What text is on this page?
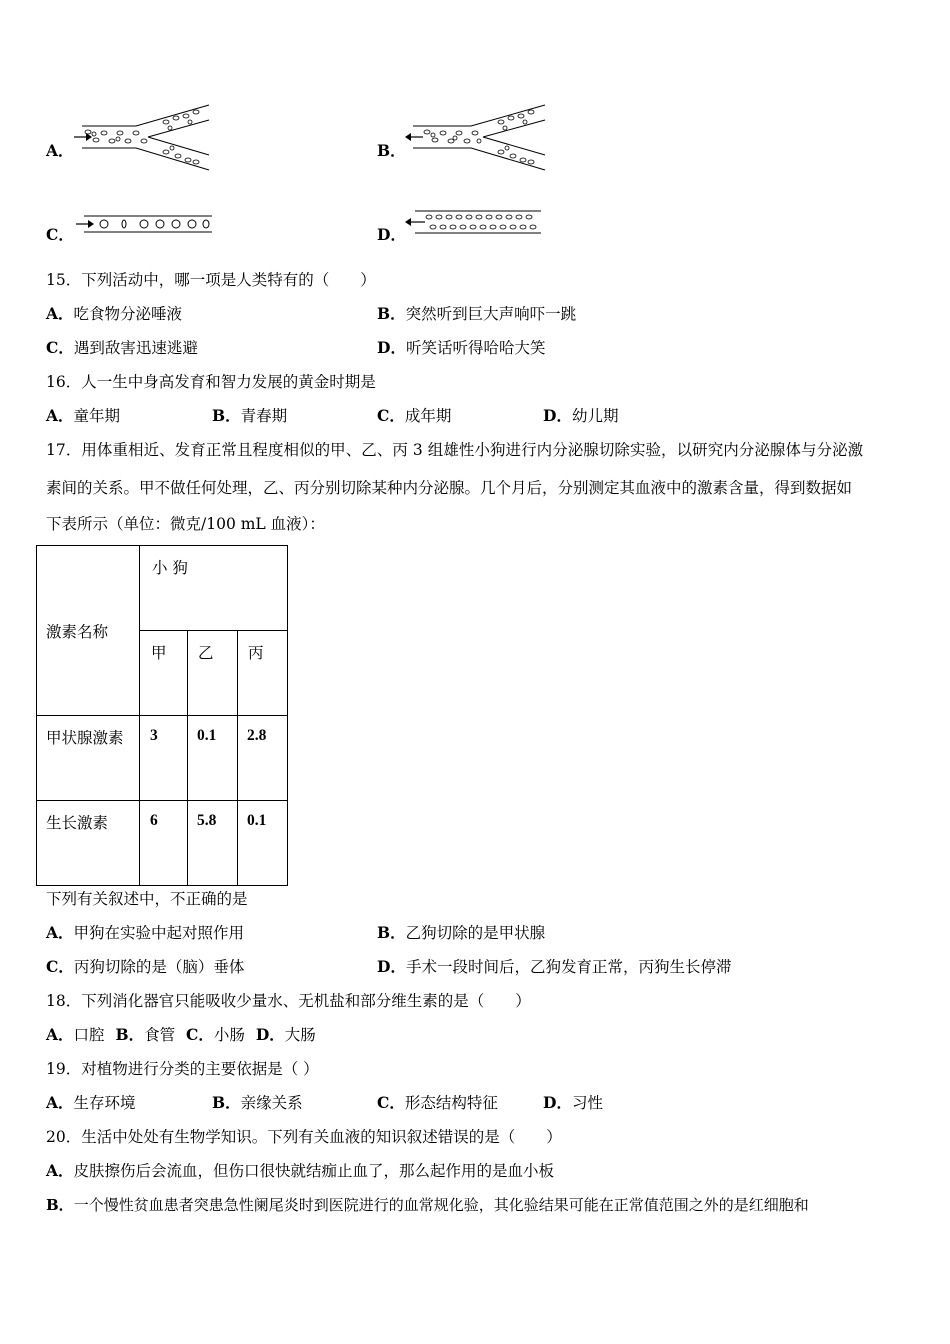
A．	B．
C．	D．
15．下列活动中，哪一项是人类特有的（　　）
A．吃食物分泌唾液	B．突然听到巨大声响吓一跳
C．遇到敌害迅速逃避	D．听笑话听得哈哈大笑
16．人一生中身高发育和智力发展的黄金时期是
A．童年期	B．青春期	C．成年期	D．幼儿期
17．用体重相近、发育正常且程度相似的甲、乙、丙 3 组雄性小狗进行内分泌腺切除实验，以研究内分泌腺体与分泌激
素间的关系。甲不做任何处理，乙、丙分别切除某种内分泌腺。几个月后，分别测定其血液中的激素含量，得到数据如
下表所示（单位：微克/100 mL 血液）：
激素名称	小 狗		
	甲	乙	丙
甲状腺激素	3	0.1	2.8
生长激素	6	5.8	0.1
下列有关叙述中，不正确的是
A．甲狗在实验中起对照作用	B．乙狗切除的是甲状腺
C．丙狗切除的是（脑）垂体	D．手术一段时间后，乙狗发育正常，丙狗生长停滞
18．下列消化器官只能吸收少量水、无机盐和部分维生素的是（　　）
A．口腔 B．食管 C．小肠 D．大肠
19．对植物进行分类的主要依据是（ ）
A．生存环境	B．亲缘关系	C．形态结构特征	D．习性
20．生活中处处有生物学知识。下列有关血液的知识叙述错误的是（　　）
A．皮肤擦伤后会流血，但伤口很快就结痂止血了，那么起作用的是血小板
B．一个慢性贫血患者突患急性阑尾炎时到医院进行的血常规化验，其化验结果可能在正常值范围之外的是红细胞和
